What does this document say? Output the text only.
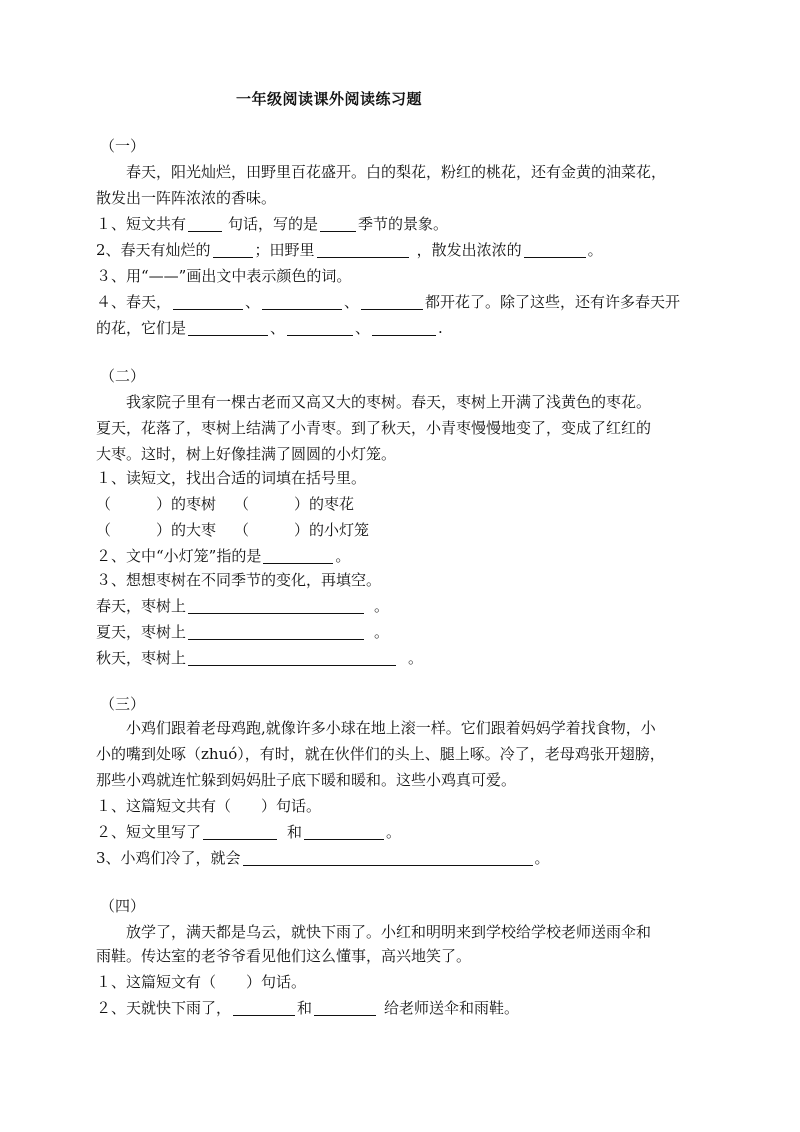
一年级阅读课外阅读练习题
（一）
春天，阳光灿烂，田野里百花盛开。白的梨花，粉红的桃花，还有金黄的油菜花，
散发出一阵阵浓浓的香味。
１、短文共有	句话，写的是	季节的景象。
2、春天有灿烂的	；田野里	，散发出浓浓的	。
３、用“——”画出文中表示颜色的词。
４、春天，	、	、	都开花了。除了这些，还有许多春天开
的花，它们是	、	、	.
（二）
我家院子里有一棵古老而又高又大的枣树。春天，枣树上开满了浅黄色的枣花。
夏天，花落了，枣树上结满了小青枣。到了秋天，小青枣慢慢地变了，变成了红红的
大枣。这时，树上好像挂满了圆圆的小灯笼。
１、读短文，找出合适的词填在括号里。
（　　　）的枣树 （　　　）的枣花
（　　　）的大枣 （　　　）的小灯笼
２、文中“小灯笼”指的是	。
３、想想枣树在不同季节的变化，再填空。
春天，枣树上	。
夏天，枣树上	。
秋天，枣树上	。
（三）
小鸡们跟着老母鸡跑,就像许多小球在地上滚一样。它们跟着妈妈学着找食物，小
小的嘴到处啄（zhuó），有时，就在伙伴们的头上、腿上啄。冷了，老母鸡张开翅膀，
那些小鸡就连忙躲到妈妈肚子底下暖和暖和。这些小鸡真可爱。
１、这篇短文共有（　　）句话。
２、短文里写了	和	。
3、小鸡们冷了，就会	。
（四）
放学了，满天都是乌云，就快下雨了。小红和明明来到学校给学校老师送雨伞和
雨鞋。传达室的老爷爷看见他们这么懂事，高兴地笑了。
１、这篇短文有（　　）句话。
２、天就快下雨了，	和	给老师送伞和雨鞋。
